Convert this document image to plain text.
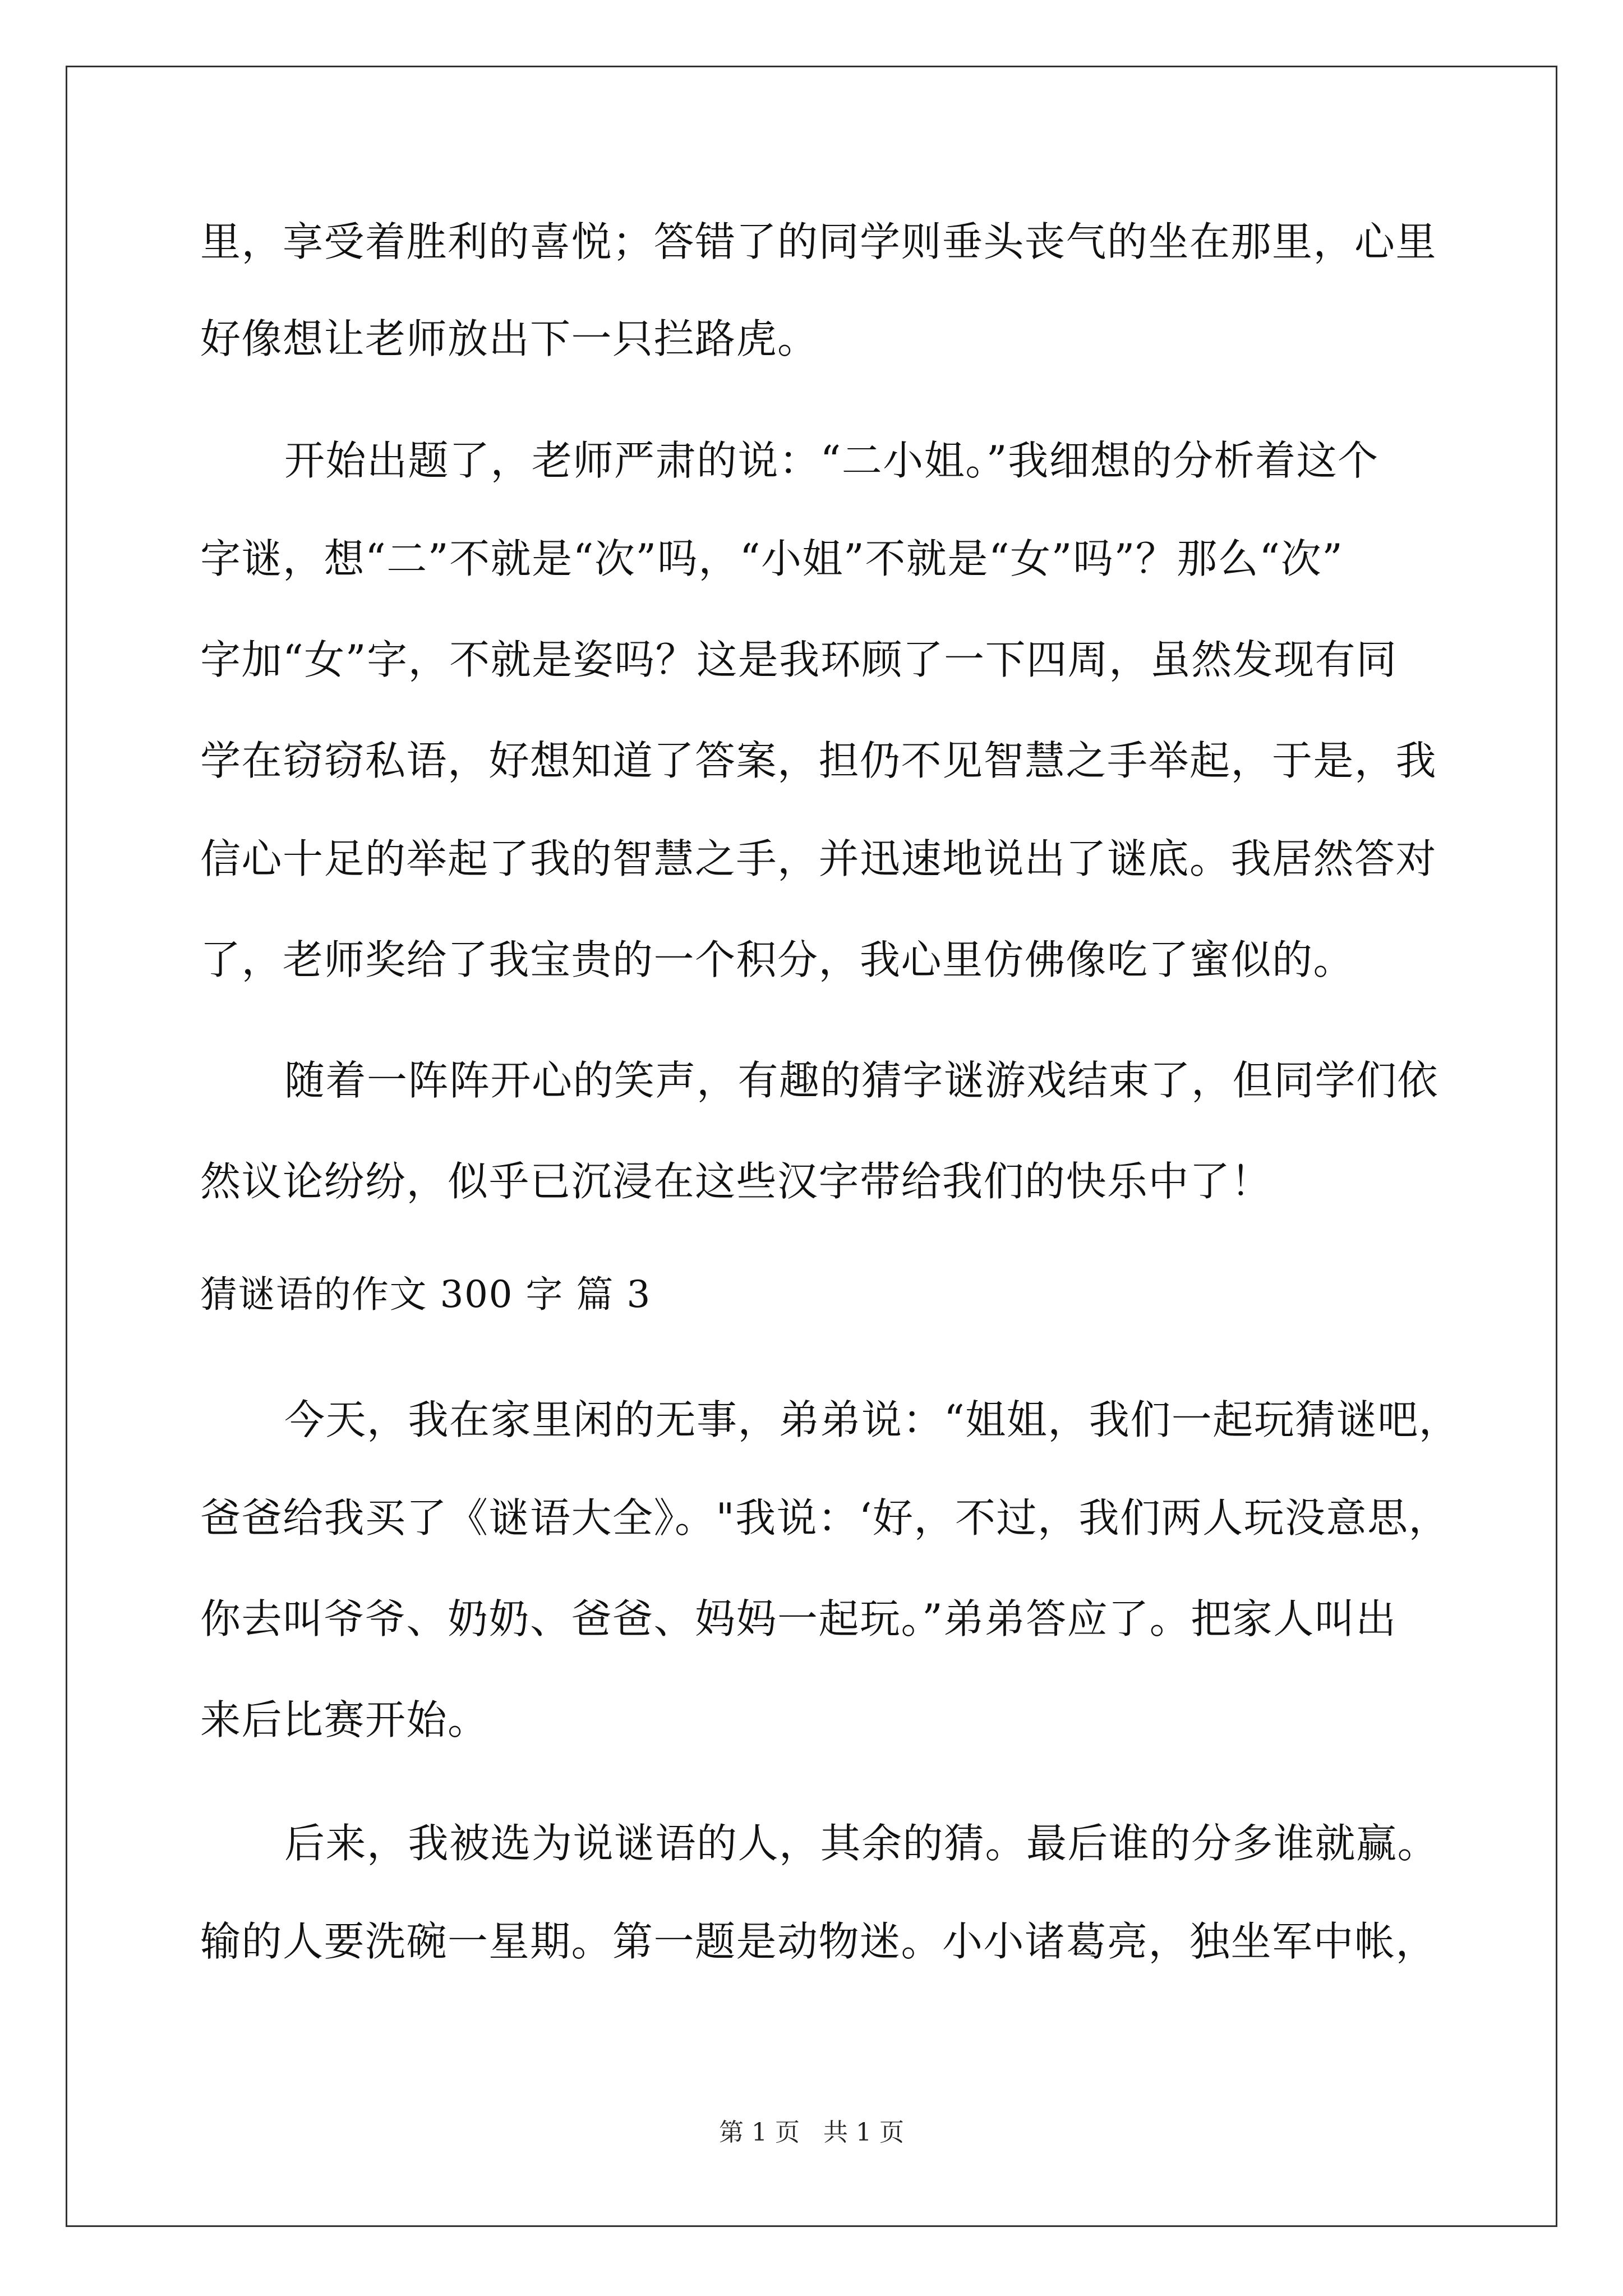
里，享受着胜利的喜悦；答错了的同学则垂头丧气的坐在那里，心里
好像想让老师放出下一只拦路虎。
开始出题了，老师严肃的说：“二小姐。”我细想的分析着这个
字谜，想“二”不就是“次”吗，“小姐”不就是“女”吗”？那么“次”
字加“女”字，不就是姿吗？这是我环顾了一下四周，虽然发现有同
学在窃窃私语，好想知道了答案，担仍不见智慧之手举起，于是，我
信心十足的举起了我的智慧之手，并迅速地说出了谜底。我居然答对
了，老师奖给了我宝贵的一个积分，我心里仿佛像吃了蜜似的。
随着一阵阵开心的笑声，有趣的猜字谜游戏结束了，但同学们依
然议论纷纷，似乎已沉浸在这些汉字带给我们的快乐中了！
猜谜语的作文 300 字 篇 3
今天，我在家里闲的无事，弟弟说：“姐姐，我们一起玩猜谜吧，
爸爸给我买了《谜语大全》。"我说：‘好，不过，我们两人玩没意思，
你去叫爷爷、奶奶、爸爸、妈妈一起玩。”弟弟答应了。把家人叫出
来后比赛开始。
后来，我被选为说谜语的人，其余的猜。最后谁的分多谁就赢。
输的人要洗碗一星期。第一题是动物迷。小小诸葛亮，独坐军中帐，
第 1 页   共 1 页
